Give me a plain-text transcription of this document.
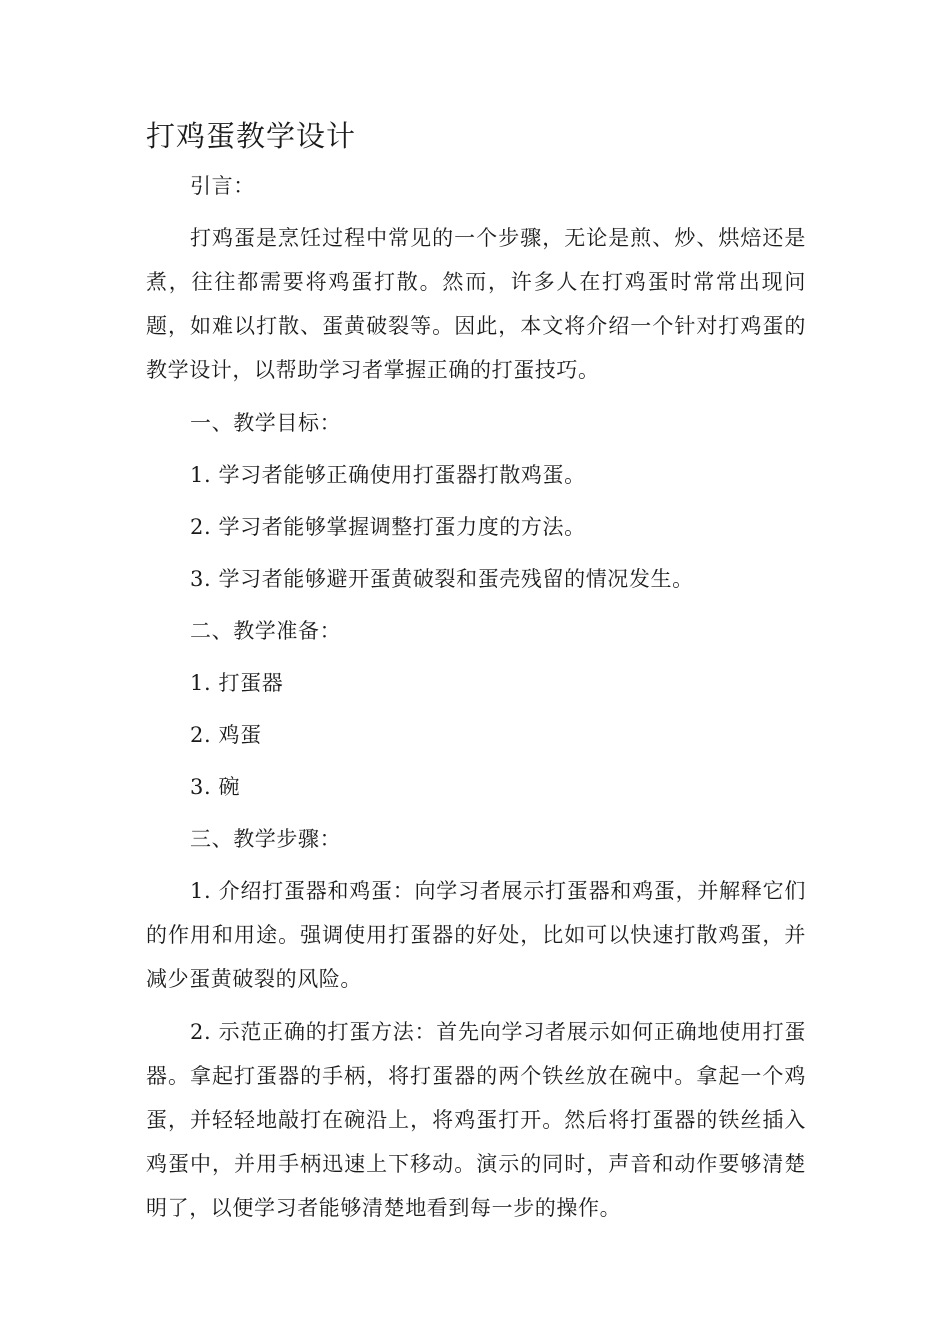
打鸡蛋教学设计

引言：

打鸡蛋是烹饪过程中常见的一个步骤，无论是煎、炒、烘焙还是煮，往往都需要将鸡蛋打散。然而，许多人在打鸡蛋时常常出现问题，如难以打散、蛋黄破裂等。因此，本文将介绍一个针对打鸡蛋的教学设计，以帮助学习者掌握正确的打蛋技巧。

一、教学目标：

1. 学习者能够正确使用打蛋器打散鸡蛋。

2. 学习者能够掌握调整打蛋力度的方法。

3. 学习者能够避开蛋黄破裂和蛋壳残留的情况发生。

二、教学准备：

1. 打蛋器

2. 鸡蛋

3. 碗

三、教学步骤：

1. 介绍打蛋器和鸡蛋：向学习者展示打蛋器和鸡蛋，并解释它们的作用和用途。强调使用打蛋器的好处，比如可以快速打散鸡蛋，并减少蛋黄破裂的风险。

2. 示范正确的打蛋方法：首先向学习者展示如何正确地使用打蛋器。拿起打蛋器的手柄，将打蛋器的两个铁丝放在碗中。拿起一个鸡蛋，并轻轻地敲打在碗沿上，将鸡蛋打开。然后将打蛋器的铁丝插入鸡蛋中，并用手柄迅速上下移动。演示的同时，声音和动作要够清楚明了，以便学习者能够清楚地看到每一步的操作。
